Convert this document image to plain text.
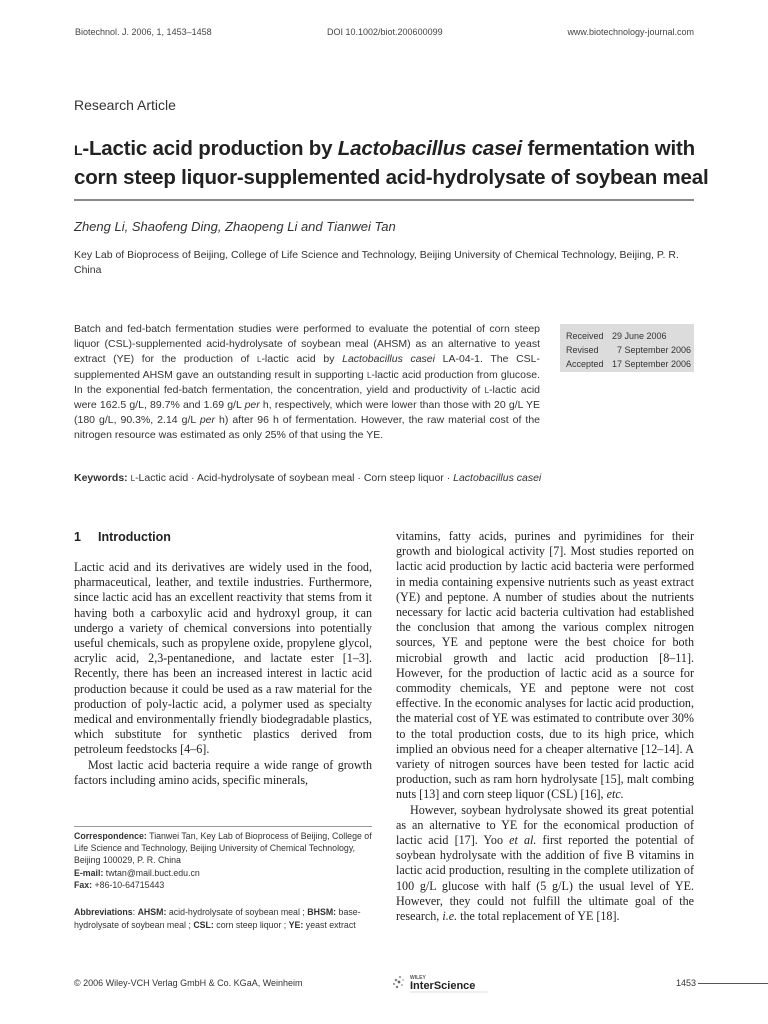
Biotechnol. J. 2006, 1, 1453–1458	DOI 10.1002/biot.200600099	www.biotechnology-journal.com
Research Article
L-Lactic acid production by Lactobacillus casei fermentation with corn steep liquor-supplemented acid-hydrolysate of soybean meal
Zheng Li, Shaofeng Ding, Zhaopeng Li and Tianwei Tan
Key Lab of Bioprocess of Beijing, College of Life Science and Technology, Beijing University of Chemical Technology, Beijing, P. R. China
Batch and fed-batch fermentation studies were performed to evaluate the potential of corn steep liquor (CSL)-supplemented acid-hydrolysate of soybean meal (AHSM) as an alternative to yeast extract (YE) for the production of L-lactic acid by Lactobacillus casei LA-04-1. The CSL-supplemented AHSM gave an outstanding result in supporting L-lactic acid production from glucose. In the exponential fed-batch fermentation, the concentration, yield and productivity of L-lactic acid were 162.5 g/L, 89.7% and 1.69 g/L per h, respectively, which were lower than those with 20 g/L YE (180 g/L, 90.3%, 2.14 g/L per h) after 96 h of fermentation. However, the raw material cost of the nitrogen resource was estimated as only 25% of that using the YE.
Received 29 June 2006
Revised 7 September 2006
Accepted 17 September 2006
Keywords: L-Lactic acid · Acid-hydrolysate of soybean meal · Corn steep liquor · Lactobacillus casei
1 Introduction

Lactic acid and its derivatives are widely used in the food, pharmaceutical, leather, and textile industries. Furthermore, since lactic acid has an excellent reactivity that stems from it having both a carboxylic acid and hydroxyl group, it can undergo a variety of chemical conversions into potentially useful chemicals, such as propylene oxide, propylene glycol, acrylic acid, 2,3-pentanedione, and lactate ester [1–3]. Recently, there has been an increased interest in lactic acid production because it could be used as a raw material for the production of poly-lactic acid, a polymer used as specialty medical and environmentally friendly biodegradable plastics, which substitute for synthetic plastics derived from petroleum feedstocks [4–6].

Most lactic acid bacteria require a wide range of growth factors including amino acids, specific minerals,

vitamins, fatty acids, purines and pyrimidines for their growth and biological activity [7]. Most studies reported on lactic acid production by lactic acid bacteria were performed in media containing expensive nutrients such as yeast extract (YE) and peptone. A number of studies about the nutrients necessary for lactic acid bacteria cultivation had established the conclusion that among the various complex nitrogen sources, YE and peptone were the best choice for both microbial growth and lactic acid production [8–11]. However, for the production of lactic acid as a source for commodity chemicals, YE and peptone were not cost effective. In the economic analyses for lactic acid production, the material cost of YE was estimated to contribute over 30% to the total production costs, due to its high price, which implied an obvious need for a cheaper alternative [12–14]. A variety of nitrogen sources have been tested for lactic acid production, such as ram horn hydrolysate [15], malt combing nuts [13] and corn steep liquor (CSL) [16], etc.

However, soybean hydrolysate showed its great potential as an alternative to YE for the economical production of lactic acid [17]. Yoo et al. first reported the potential of soybean hydrolysate with the addition of five B vitamins in lactic acid production, resulting in the complete utilization of 100 g/L glucose with half (5 g/L) the usual level of YE. However, they could not fulfill the ultimate goal of the research, i.e. the total replacement of YE [18].

Correspondence: Tianwei Tan, Key Lab of Bioprocess of Beijing, College of Life Science and Technology, Beijing University of Chemical Technology, Beijing 100029, P. R. China

E-mail: twtan@mail.buct.edu.cn

Fax: +86-10-64715443

Abbreviations: AHSM: acid-hydrolysate of soybean meal ; BHSM: base-hydrolysate of soybean meal ; CSL: corn steep liquor ; YE: yeast extract
© 2006 Wiley-VCH Verlag GmbH & Co. KGaA, Weinheim	WILEY
InterScience	1453
